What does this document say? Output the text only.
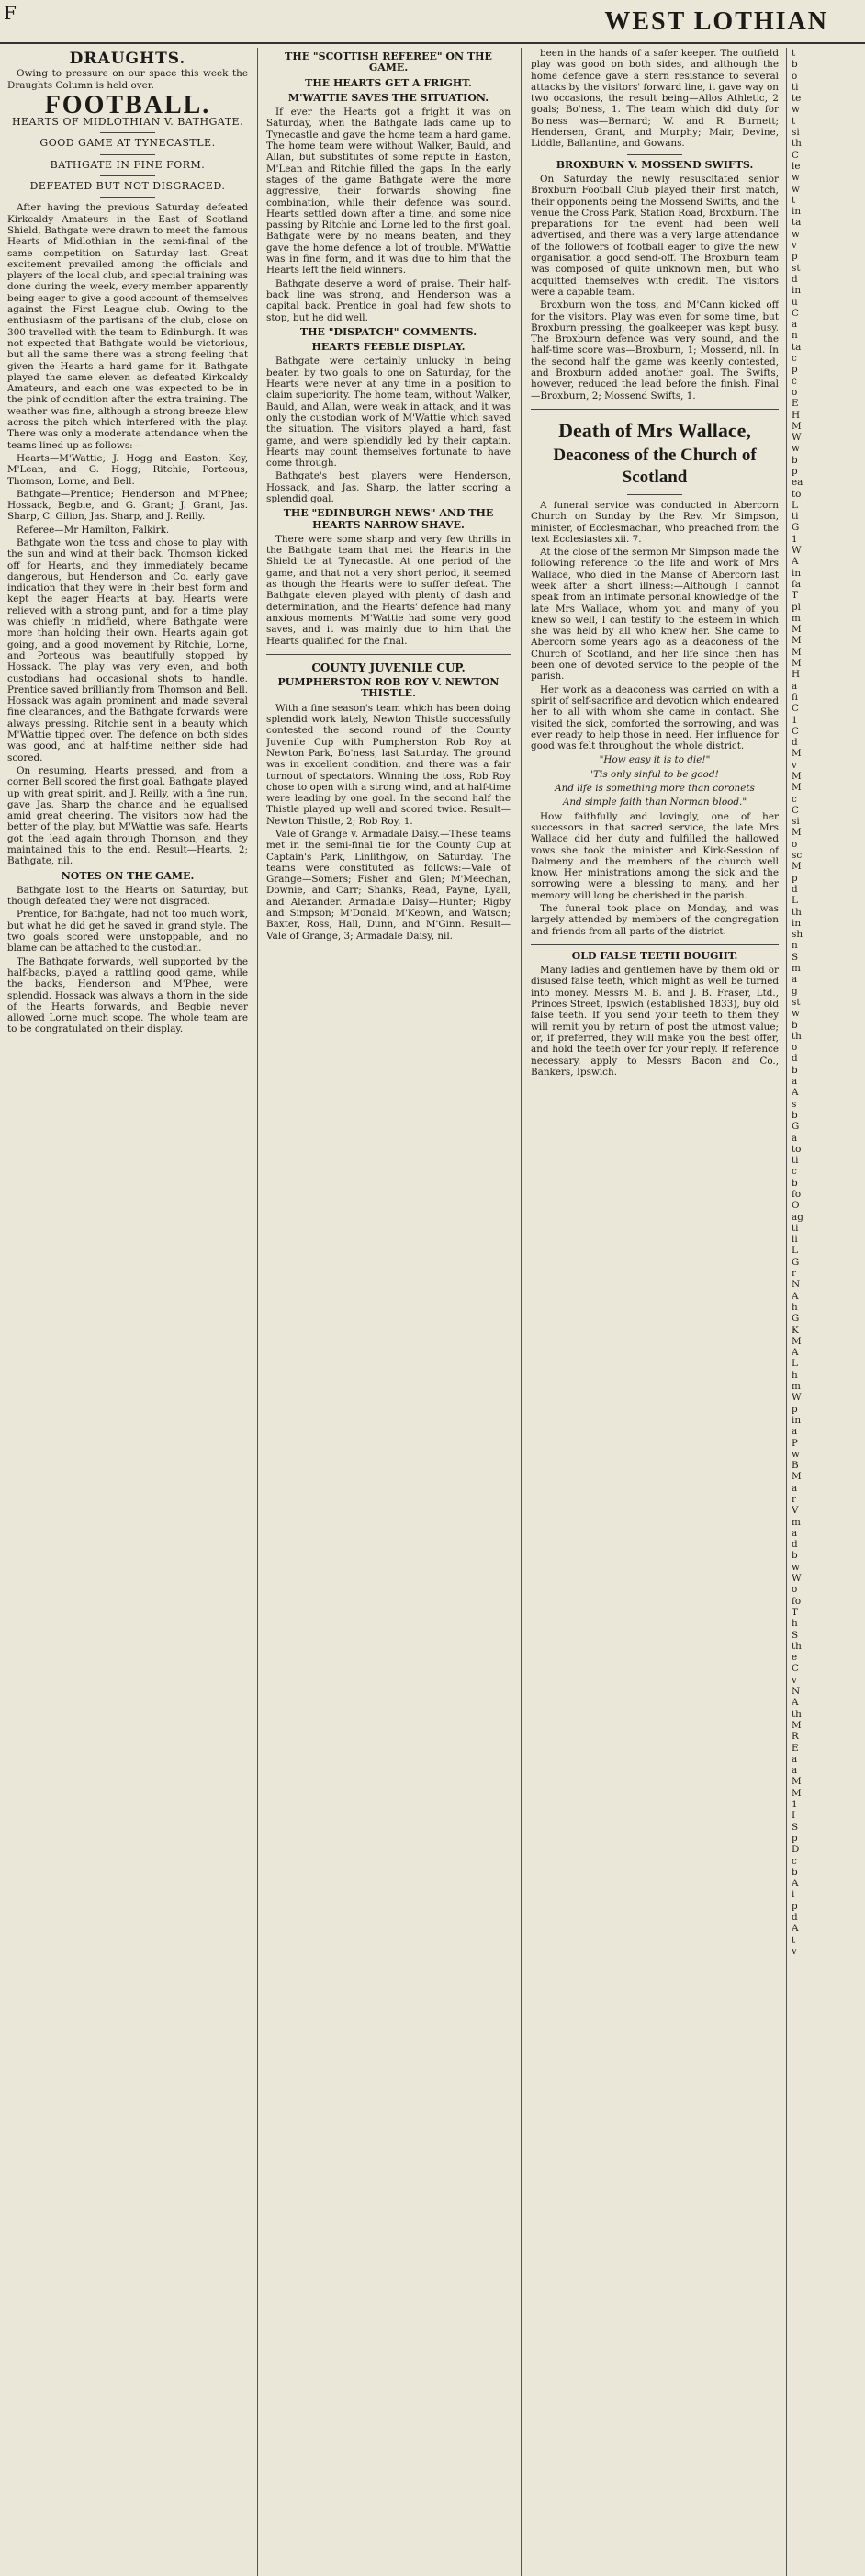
F	WEST LOTHIAN
DRAUGHTS.

Owing to pressure on our space this week the Draughts Column is held over.

FOOTBALL.
HEARTS OF MIDLOTHIAN V. BATHGATE.
GOOD GAME AT TYNECASTLE.
BATHGATE IN FINE FORM.
DEFEATED BUT NOT DISGRACED.

After having the previous Saturday defeated Kirkcaldy Amateurs in the East of Scotland Shield, Bathgate were drawn to meet the famous Hearts of Midlothian in the semi-final of the same competition on Saturday last. Great excitement prevailed among the officials and players of the local club, and special training was done during the week, every member apparently being eager to give a good account of themselves against the First League club. Owing to the enthusiasm of the partisans of the club, close on 300 travelled with the team to Edinburgh. It was not expected that Bathgate would be victorious, but all the same there was a strong feeling that given the Hearts a hard game for it. Bathgate played the same eleven as defeated Kirkcaldy Amateurs, and each one was expected to be in the pink of condition after the extra training. The weather was fine, although a strong breeze blew across the pitch which interfered with the play. There was only a moderate attendance when the teams lined up as follows:—

Hearts—M'Wattie; J. Hogg and Easton; Key, M'Lean, and G. Hogg; Ritchie, Porteous, Thomson, Lorne, and Bell.

Bathgate—Prentice; Henderson and M'Phee; Hossack, Begbie, and G. Grant; J. Grant, Jas. Sharp, C. Gilion, Jas. Sharp, and J. Reilly.

Referee—Mr Hamilton, Falkirk.

Bathgate won the toss and chose to play with the sun and wind at their back. Thomson kicked off for Hearts, and they immediately became dangerous, but Henderson and Co. early gave indication that they were in their best form and kept the eager Hearts at bay. Hearts were relieved with a strong punt, and for a time play was chiefly in midfield, where Bathgate were more than holding their own. Hearts again got going, and a good movement by Ritchie, Lorne, and Porteous was beautifully stopped by Hossack. The play was very even, and both custodians had occasional shots to handle. Prentice saved brilliantly from Thomson and Bell. Hossack was again prominent and made several fine clearances, and the Bathgate forwards were always pressing. Ritchie sent in a beauty which M'Wattie tipped over. The defence on both sides was good, and at half-time neither side had scored.

On resuming, Hearts pressed, and from a corner Bell scored the first goal. Bathgate played up with great spirit, and J. Reilly, with a fine run, gave Jas. Sharp the chance and he equalised amid great cheering. The visitors now had the better of the play, but M'Wattie was safe. Hearts got the lead again through Thomson, and they maintained this to the end. Result—Hearts, 2; Bathgate, nil.

NOTES ON THE GAME.

Bathgate lost to the Hearts on Saturday, but though defeated they were not disgraced.

Prentice, for Bathgate, had not too much work, but what he did get he saved in grand style. The two goals scored were unstoppable, and no blame can be attached to the custodian.

The Bathgate forwards, well supported by the half-backs, played a rattling good game, while the backs, Henderson and M'Phee, were splendid. Hossack was always a thorn in the side of the Hearts forwards, and Begbie never allowed Lorne much scope. The whole team are to be congratulated on their display.

THE "SCOTTISH REFEREE" ON THE GAME.
THE HEARTS GET A FRIGHT.
M'WATTIE SAVES THE SITUATION.

If ever the Hearts got a fright it was on Saturday, when the Bathgate lads came up to Tynecastle and gave the home team a hard game. The home team were without Walker, Bauld, and Allan, but substitutes of some repute in Easton, M'Lean and Ritchie filled the gaps. In the early stages of the game Bathgate were the more aggressive, their forwards showing fine combination, while their defence was sound. Hearts settled down after a time, and some nice passing by Ritchie and Lorne led to the first goal. Bathgate were by no means beaten, and they gave the home defence a lot of trouble. M'Wattie was in fine form, and it was due to him that the Hearts left the field winners.

Bathgate deserve a word of praise. Their half-back line was strong, and Henderson was a capital back. Prentice in goal had few shots to stop, but he did well.

THE "DISPATCH" COMMENTS.
HEARTS FEEBLE DISPLAY.

Bathgate were certainly unlucky in being beaten by two goals to one on Saturday, for the Hearts were never at any time in a position to claim superiority. The home team, without Walker, Bauld, and Allan, were weak in attack, and it was only the custodian work of M'Wattie which saved the situation. The visitors played a hard, fast game, and were splendidly led by their captain. Hearts may count themselves fortunate to have come through.

Bathgate's best players were Henderson, Hossack, and Jas. Sharp, the latter scoring a splendid goal.

THE "EDINBURGH NEWS" AND THE HEARTS NARROW SHAVE.

There were some sharp and very few thrills in the Bathgate team that met the Hearts in the Shield tie at Tynecastle. At one period of the game, and that not a very short period, it seemed as though the Hearts were to suffer defeat. The Bathgate eleven played with plenty of dash and determination, and the Hearts' defence had many anxious moments. M'Wattie had some very good saves, and it was mainly due to him that the Hearts qualified for the final.

COUNTY JUVENILE CUP.
PUMPHERSTON ROB ROY V. NEWTON THISTLE.

With a fine season's team which has been doing splendid work lately, Newton Thistle successfully contested the second round of the County Juvenile Cup with Pumpherston Rob Roy at Newton Park, Bo'ness, last Saturday. The ground was in excellent condition, and there was a fair turnout of spectators. Winning the toss, Rob Roy chose to open with a strong wind, and at half-time were leading by one goal. In the second half the Thistle played up well and scored twice. Result—Newton Thistle, 2; Rob Roy, 1.

Vale of Grange v. Armadale Daisy.—These teams met in the semi-final tie for the County Cup at Captain's Park, Linlithgow, on Saturday. The teams were constituted as follows:—Vale of Grange—Somers; Fisher and Glen; M'Meechan, Downie, and Carr; Shanks, Read, Payne, Lyall, and Alexander. Armadale Daisy—Hunter; Rigby and Simpson; M'Donald, M'Keown, and Watson; Baxter, Ross, Hall, Dunn, and M'Ginn. Result—Vale of Grange, 3; Armadale Daisy, nil.

been in the hands of a safer keeper. The outfield play was good on both sides, and although the home defence gave a stern resistance to several attacks by the visitors' forward line, it gave way on two occasions, the result being—Allos Athletic, 2 goals; Bo'ness, 1. The team which did duty for Bo'ness was—Bernard; W. and R. Burnett; Hendersen, Grant, and Murphy; Mair, Devine, Liddle, Ballantine, and Gowans.

BROXBURN V. MOSSEND SWIFTS.

On Saturday the newly resuscitated senior Broxburn Football Club played their first match, their opponents being the Mossend Swifts, and the venue the Cross Park, Station Road, Broxburn. The preparations for the event had been well advertised, and there was a very large attendance of the followers of football eager to give the new organisation a good send-off. The Broxburn team was composed of quite unknown men, but who acquitted themselves with credit. The visitors were a capable team.

Broxburn won the toss, and M'Cann kicked off for the visitors. Play was even for some time, but Broxburn pressing, the goalkeeper was kept busy. The Broxburn defence was very sound, and the half-time score was—Broxburn, 1; Mossend, nil. In the second half the game was keenly contested, and Broxburn added another goal. The Swifts, however, reduced the lead before the finish. Final—Broxburn, 2; Mossend Swifts, 1.

Death of Mrs Wallace,
Deaconess of the Church of Scotland

A funeral service was conducted in Abercorn Church on Sunday by the Rev. Mr Simpson, minister, of Ecclesmachan, who preached from the text Ecclesiastes xii. 7.

At the close of the sermon Mr Simpson made the following reference to the life and work of Mrs Wallace, who died in the Manse of Abercorn last week after a short illness:—Although I cannot speak from an intimate personal knowledge of the late Mrs Wallace, whom you and many of you knew so well, I can testify to the esteem in which she was held by all who knew her. She came to Abercorn some years ago as a deaconess of the Church of Scotland, and her life since then has been one of devoted service to the people of the parish.

Her work as a deaconess was carried on with a spirit of self-sacrifice and devotion which endeared her to all with whom she came in contact. She visited the sick, comforted the sorrowing, and was ever ready to help those in need. Her influence for good was felt throughout the whole district.

"How easy it is to die!"
'Tis only sinful to be good!
And life is something more than coronets
And simple faith than Norman blood."

How faithfully and lovingly, one of her successors in that sacred service, the late Mrs Wallace did her duty and fulfilled the hallowed vows she took the minister and Kirk-Session of Dalmeny and the members of the church well know. Her ministrations among the sick and the sorrowing were a blessing to many, and her memory will long be cherished in the parish.

The funeral took place on Monday, and was largely attended by members of the congregation and friends from all parts of the district.

OLD FALSE TEETH BOUGHT.

Many ladies and gentlemen have by them old or disused false teeth, which might as well be turned into money. Messrs M. B. and J. B. Fraser, Ltd., Princes Street, Ipswich (established 1833), buy old false teeth. If you send your teeth to them they will remit you by return of post the utmost value; or, if preferred, they will make you the best offer, and hold the teeth over for your reply. If reference necessary, apply to Messrs Bacon and Co., Bankers, Ipswich.

t
b
o
ti
te
w
t
si
th
C
le
w
w
t
in
ta
w
v
p
st
d
in
u
C
a
n
ta
c
p
c
o
E
H
M
W
w
b
p
ea
to
L
ti
G
1
W
A
in
fa
T
pl
m
M
M
M
M
H
a
fi
C
1
C
d
M
v
M
M
c
C
si
M
o
sc
M
p
d
L
th
in
sh
n
S
m
a
g
st
w
b
th
o
d
b
a
A
s
b
G
a
to
ti
c
b
fo
O
ag
ti
li
L
G
r
N
A
h
G
K
M
A
L
h
m
W
p
in
a
P
w
B
M
a
r
V
m
a
d
b
w
W
o
fo
T
h
S
th
e
C
v
N
A
th
M
R
E
a
a
M
M
1
I
S
p
D
c
b
A
i
p
d
A
t
v
